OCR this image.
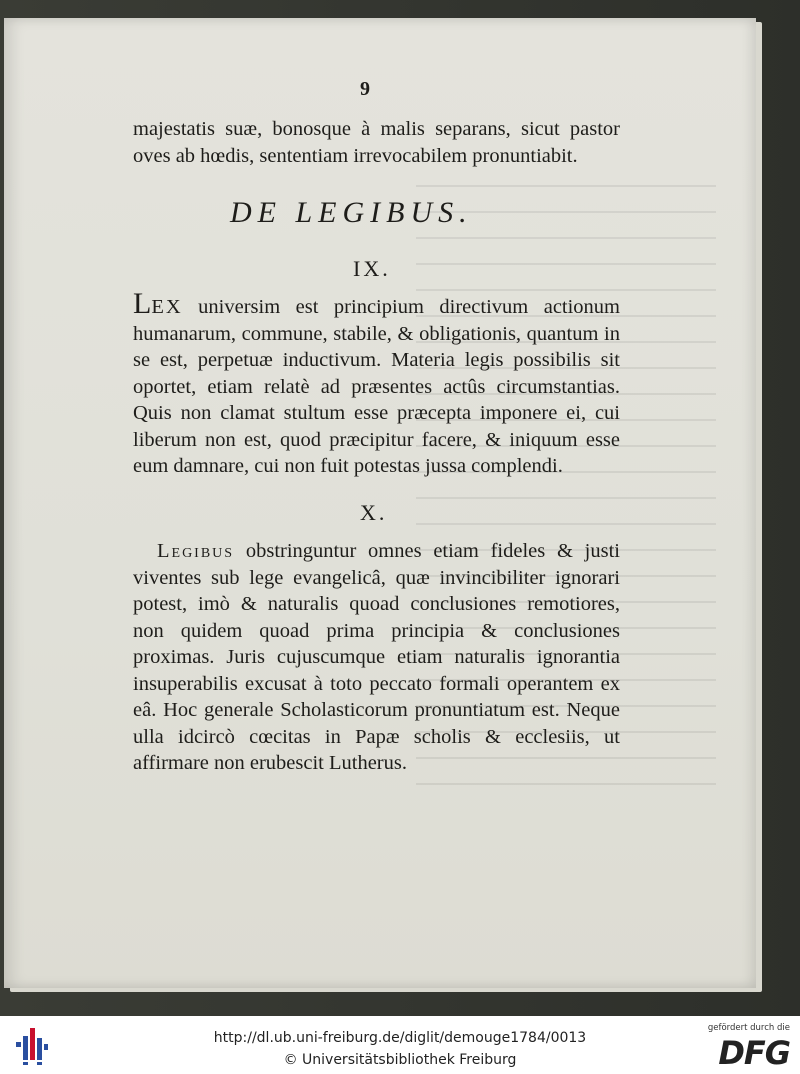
9
majestatis suæ, bonosque à malis separans, sicut pastor oves ab hœdis, sententiam irrevocabilem pronuntiabit.
DE LEGIBUS.
IX.
LEX universim est principium directivum actionum humanarum, commune, stabile, & obligationis, quantum in se est, perpetuæ inductivum. Materia legis possibilis sit oportet, etiam relatè ad præsentes actûs circumstantias. Quis non clamat stultum esse præcepta imponere ei, cui liberum non est, quod præcipitur facere, & iniquum esse eum damnare, cui non fuit potestas jussa complendi.
X.
Legibus obstringuntur omnes etiam fideles & justi viventes sub lege evangelicâ, quæ invincibiliter ignorari potest, imò & naturalis quoad conclusiones remotiores, non quidem quoad prima principia & conclusiones proximas. Juris cujuscumque etiam naturalis ignorantia insuperabilis excusat à toto peccato formali operantem ex eâ. Hoc generale Scholasticorum pronuntiatum est. Neque ulla idcircò cœcitas in Papæ scholis & ecclesiis, ut affirmare non erubescit Lutherus.
http://dl.ub.uni-freiburg.de/diglit/demouge1784/0013
© Universitätsbibliothek Freiburg
gefördert durch die
DFG
